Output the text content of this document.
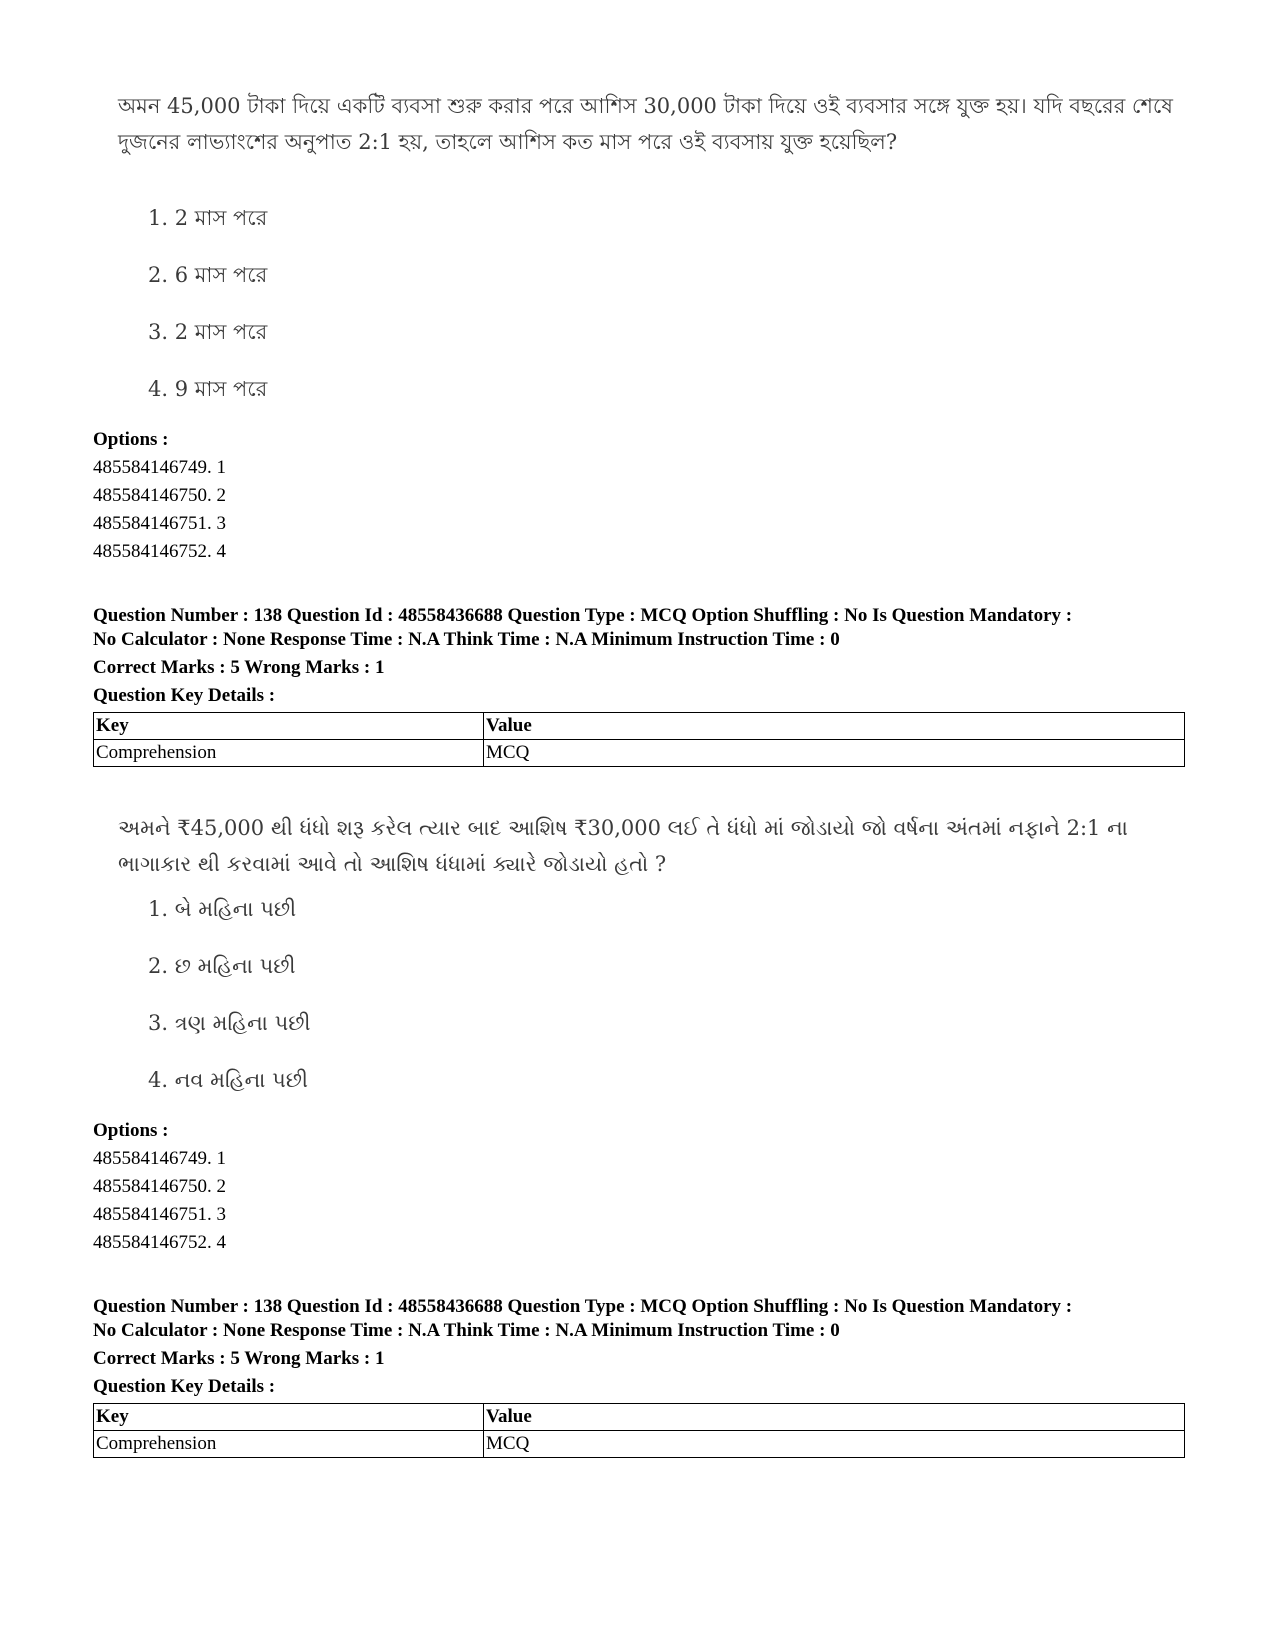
অমন 45,000 টাকা দিয়ে একটি ব্যবসা শুরু করার পরে আশিস 30,000 টাকা দিয়ে ওই ব্যবসার সঙ্গে যুক্ত হয়। যদি বছরের শেষে দুজনের লাভ্যাংশের অনুপাত 2:1 হয়, তাহলে আশিস কত মাস পরে ওই ব্যবসায় যুক্ত হয়েছিল?

1. 2 মাস পরে
2. 6 মাস পরে
3. 2 মাস পরে
4. 9 মাস পরে
Options :
485584146749. 1
485584146750. 2
485584146751. 3
485584146752. 4
Question Number : 138 Question Id : 48558436688 Question Type : MCQ Option Shuffling : No Is Question Mandatory :
No Calculator : None Response Time : N.A Think Time : N.A Minimum Instruction Time : 0
Correct Marks : 5 Wrong Marks : 1
Question Key Details :
Key	Value
Comprehension	MCQ

અમને ₹45,000 થી ધંધો શરૂ કરેલ ત્યાર બાદ આશિષ ₹30,000 લઈ તે ધંધો માં જોડાયો જો વર્ષના અંતમાં નફાને 2:1 ના ભાગાકાર થી કરવામાં આવે તો આશિષ ધંધામાં ક્યારે જોડાયો હતો ?

1. બે મહિના પછી
2. છ મહિના પછી
3. ત્રણ મહિના પછી
4. નવ મહિના પછી
Options :
485584146749. 1
485584146750. 2
485584146751. 3
485584146752. 4
Question Number : 138 Question Id : 48558436688 Question Type : MCQ Option Shuffling : No Is Question Mandatory :
No Calculator : None Response Time : N.A Think Time : N.A Minimum Instruction Time : 0
Correct Marks : 5 Wrong Marks : 1
Question Key Details :
Key	Value
Comprehension	MCQ
